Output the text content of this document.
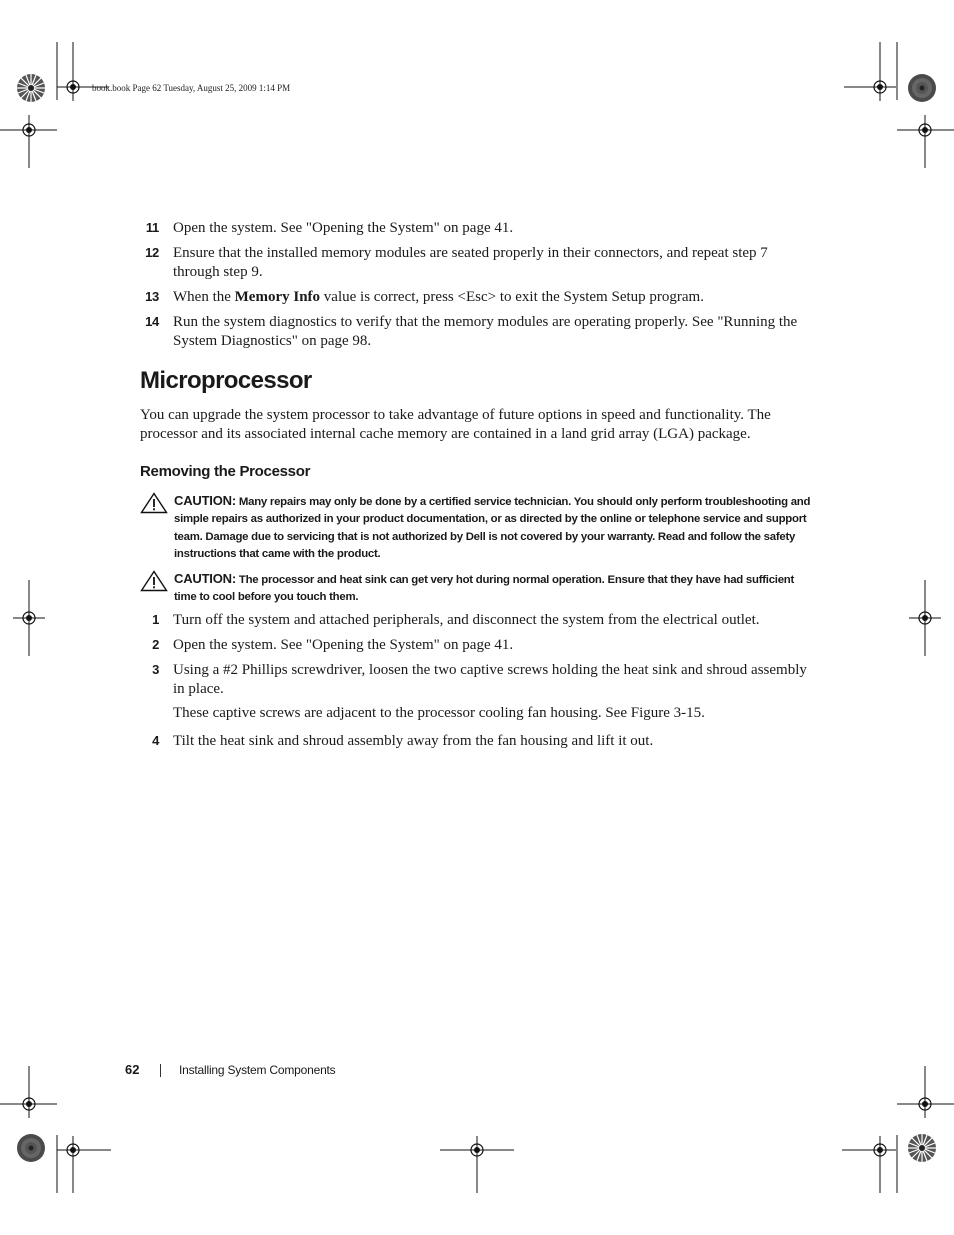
book.book Page 62 Tuesday, August 25, 2009 1:14 PM
11 Open the system. See "Opening the System" on page 41.
12 Ensure that the installed memory modules are seated properly in their connectors, and repeat step 7 through step 9.
13 When the Memory Info value is correct, press <Esc> to exit the System Setup program.
14 Run the system diagnostics to verify that the memory modules are operating properly. See "Running the System Diagnostics" on page 98.
Microprocessor
You can upgrade the system processor to take advantage of future options in speed and functionality. The processor and its associated internal cache memory are contained in a land grid array (LGA) package.
Removing the Processor
CAUTION: Many repairs may only be done by a certified service technician. You should only perform troubleshooting and simple repairs as authorized in your product documentation, or as directed by the online or telephone service and support team. Damage due to servicing that is not authorized by Dell is not covered by your warranty. Read and follow the safety instructions that came with the product.
CAUTION: The processor and heat sink can get very hot during normal operation. Ensure that they have had sufficient time to cool before you touch them.
1 Turn off the system and attached peripherals, and disconnect the system from the electrical outlet.
2 Open the system. See "Opening the System" on page 41.
3 Using a #2 Phillips screwdriver, loosen the two captive screws holding the heat sink and shroud assembly in place.
These captive screws are adjacent to the processor cooling fan housing. See Figure 3-15.
4 Tilt the heat sink and shroud assembly away from the fan housing and lift it out.
62	Installing System Components
